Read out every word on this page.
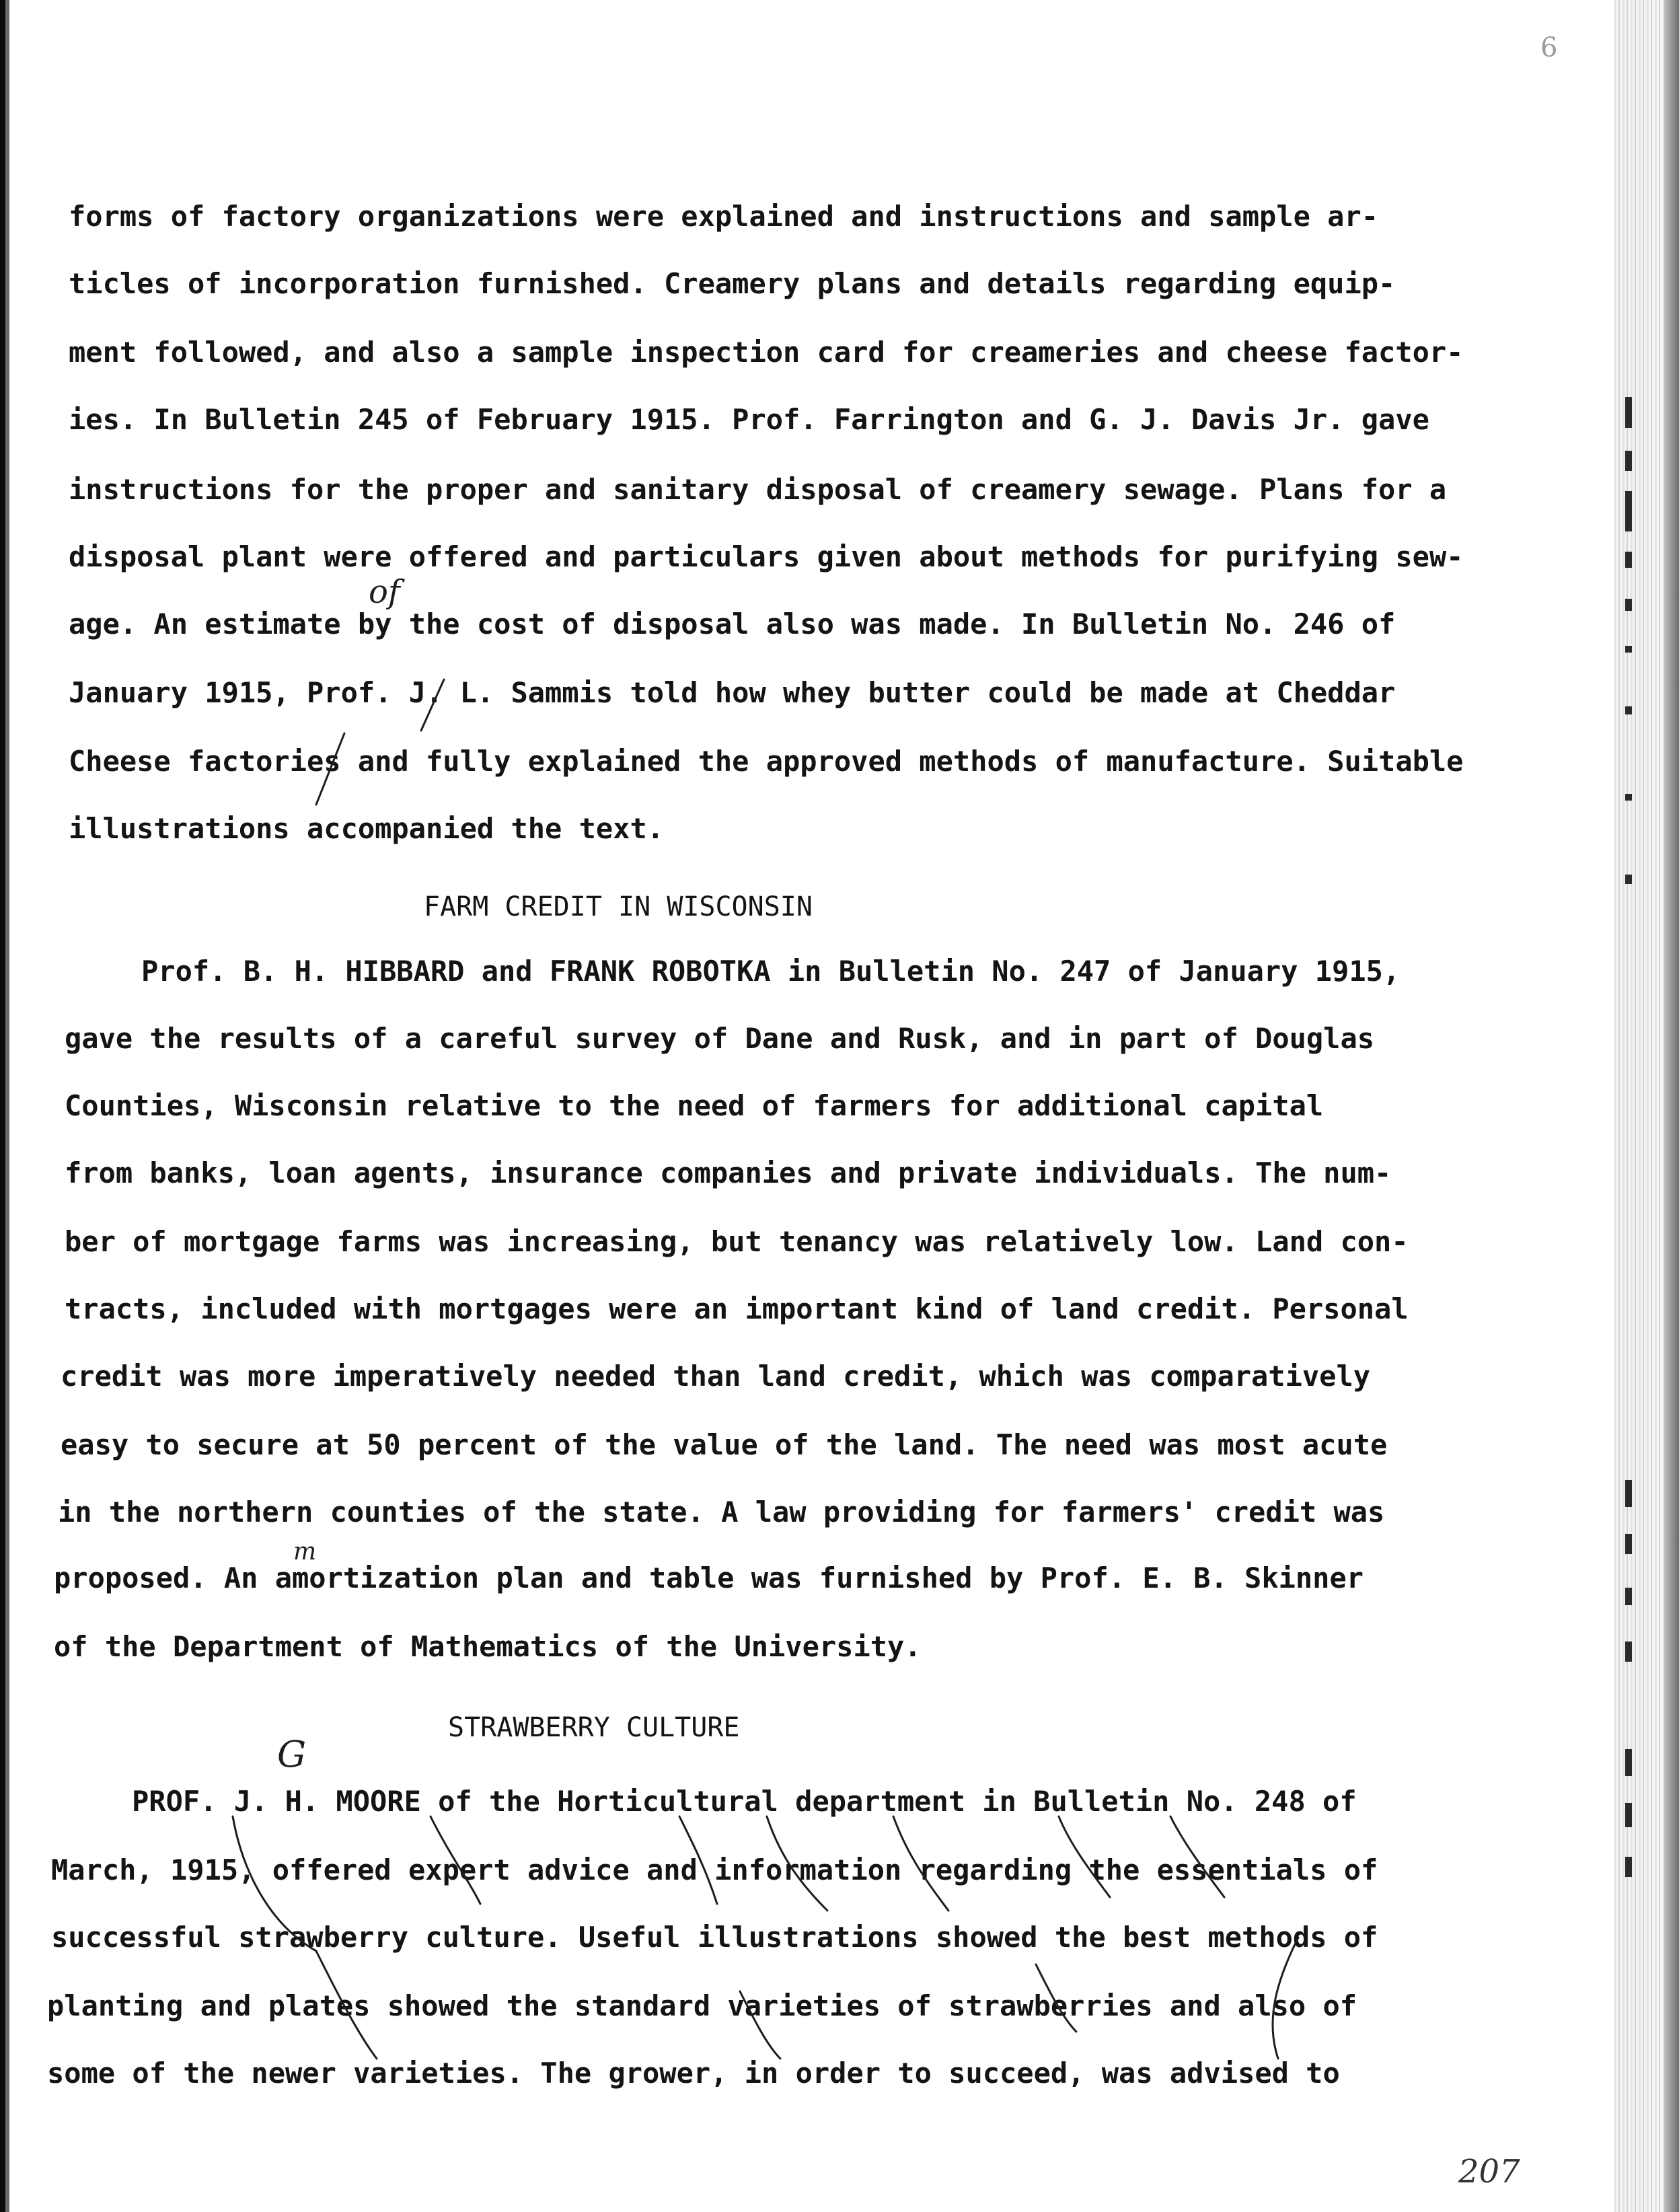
6
forms of factory organizations were explained and instructions and sample ar-
ticles of incorporation furnished. Creamery plans and details regarding equip-
ment followed, and also a sample inspection card for creameries and cheese factor-
ies. In Bulletin 245 of February 1915. Prof. Farrington and G. J. Davis Jr. gave
instructions for the proper and sanitary disposal of creamery sewage. Plans for a
disposal plant were offered and particulars given about methods for purifying sew-
age. An estimate by the cost of disposal also was made. In Bulletin No. 246 of
January 1915, Prof. J. L. Sammis told how whey butter could be made at Cheddar
Cheese factories and fully explained the approved methods of manufacture. Suitable
illustrations accompanied the text.
FARM CREDIT IN WISCONSIN
Prof. B. H. HIBBARD and FRANK ROBOTKA in Bulletin No. 247 of January 1915,
gave the results of a careful survey of Dane and Rusk, and in part of Douglas
Counties, Wisconsin relative to the need of farmers for additional capital
from banks, loan agents, insurance companies and private individuals. The num-
ber of mortgage farms was increasing, but tenancy was relatively low. Land con-
tracts, included with mortgages were an important kind of land credit. Personal
credit was more imperatively needed than land credit, which was comparatively
easy to secure at 50 percent of the value of the land. The need was most acute
in the northern counties of the state. A law providing for farmers' credit was
proposed. An amortization plan and table was furnished by Prof. E. B. Skinner
of the Department of Mathematics of the University.
STRAWBERRY CULTURE
PROF. J. H. MOORE of the Horticultural department in Bulletin No. 248 of
March, 1915, offered expert advice and information regarding the essentials of
successful strawberry culture. Useful illustrations showed the best methods of
planting and plates showed the standard varieties of strawberries and also of
some of the newer varieties. The grower, in order to succeed, was advised to
of
m
G
207
